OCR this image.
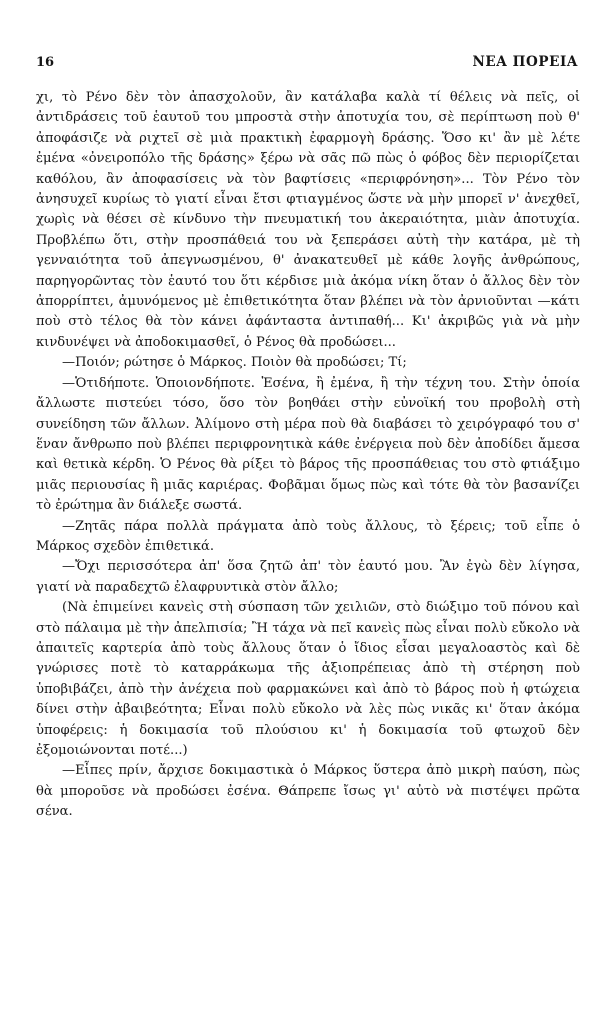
16	ΝΕΑ ΠΟΡΕΙΑ

χι, τὸ Ρένο δὲν τὸν ἀπασχολοῦν, ἂν κατάλαβα καλὰ τί θέλεις νὰ πεῖς, οἱ ἀντιδράσεις τοῦ ἑαυτοῦ του μπροστὰ στὴν ἀποτυχία του, σὲ περίπτωση ποὺ θ' ἀποφάσιζε νὰ ριχτεῖ σὲ μιὰ πρακτικὴ ἐφαρμογὴ δράσης. Ὅσο κι' ἂν μὲ λέτε ἐμένα «ὀνειροπόλο τῆς δράσης» ξέρω νὰ σᾶς πῶ πὼς ὁ φόβος δὲν περιορίζεται καθόλου, ἂν ἀποφασίσεις νὰ τὸν βαφτίσεις «περιφρόνηση»... Τὸν Ρένο τὸν ἀνησυχεῖ κυρίως τὸ γιατί εἶναι ἔτσι φτιαγμένος ὥστε νὰ μὴν μπορεῖ ν' ἀνεχθεῖ, χωρὶς νὰ θέσει σὲ κίνδυνο τὴν πνευματική του ἀκεραιότητα, μιὰν ἀποτυχία. Προβλέπω ὅτι, στὴν προσπάθειά του νὰ ξεπεράσει αὐτὴ τὴν κατάρα, μὲ τὴ γενναιότητα τοῦ ἀπεγνωσμένου, θ' ἀνακατευθεῖ μὲ κάθε λογῆς ἀνθρώπους, παρηγορῶντας τὸν ἑαυτό του ὅτι κέρδισε μιὰ ἀκόμα νίκη ὅταν ὁ ἄλλος δὲν τὸν ἀπορρίπτει, ἀμυνόμενος μὲ ἐπιθετικότητα ὅταν βλέπει νὰ τὸν ἀρνιοῦνται —κάτι ποὺ στὸ τέλος θὰ τὸν κάνει ἀφάνταστα ἀντιπαθή... Κι' ἀκριβῶς γιὰ νὰ μὴν κινδυνέψει νὰ ἀποδοκιμασθεῖ, ὁ Ρένος θὰ προδώσει...

—Ποιόν; ρώτησε ὁ Μάρκος. Ποιὸν θὰ προδώσει; Τί;

—Ὁτιδήποτε. Ὁποιονδήποτε. Ἐσένα, ἢ ἐμένα, ἢ τὴν τέχνη του. Στὴν ὁποία ἄλλωστε πιστεύει τόσο, ὅσο τὸν βοηθάει στὴν εὐνοϊκή του προβολὴ στὴ συνείδηση τῶν ἄλλων. Ἀλίμονο στὴ μέρα ποὺ θὰ διαβάσει τὸ χειρόγραφό του σ' ἕναν ἄνθρωπο ποὺ βλέπει περιφρονητικὰ κάθε ἐνέργεια ποὺ δὲν ἀποδίδει ἄμεσα καὶ θετικὰ κέρδη. Ὁ Ρένος θὰ ρίξει τὸ βάρος τῆς προσπάθειας του στὸ φτιάξιμο μιᾶς περιουσίας ἢ μιᾶς καριέρας. Φοβᾶμαι ὅμως πὼς καὶ τότε θὰ τὸν βασανίζει τὸ ἐρώτημα ἂν διάλεξε σωστά.

—Ζητᾶς πάρα πολλὰ πράγματα ἀπὸ τοὺς ἄλλους, τὸ ξέρεις; τοῦ εἶπε ὁ Μάρκος σχεδὸν ἐπιθετικά.

—Ὄχι περισσότερα ἀπ' ὅσα ζητῶ ἀπ' τὸν ἑαυτό μου. Ἂν ἐγὼ δὲν λίγησα, γιατί νὰ παραδεχτῶ ἐλαφρυντικὰ στὸν ἄλλο;

(Νὰ ἐπιμείνει κανεὶς στὴ σύσπαση τῶν χειλιῶν, στὸ διώξιμο τοῦ πόνου καὶ στὸ πάλαιμα μὲ τὴν ἀπελπισία; Ἢ τάχα νὰ πεῖ κανεὶς πὼς εἶναι πολὺ εὔκολο νὰ ἀπαιτεῖς καρτερία ἀπὸ τοὺς ἄλλους ὅταν ὁ ἴδιος εἶσαι μεγαλοαστὸς καὶ δὲ γνώρισες ποτὲ τὸ καταρράκωμα τῆς ἀξιοπρέπειας ἀπὸ τὴ στέρηση ποὺ ὑποβιβάζει, ἀπὸ τὴν ἀνέχεια ποὺ φαρμακώνει καὶ ἀπὸ τὸ βάρος ποὺ ἡ φτώχεια δίνει στὴν ἀβαιβεότητα; Εἶναι πολὺ εὔκολο νὰ λὲς πὼς νικᾶς κι' ὅταν ἀκόμα ὑποφέρεις: ἡ δοκιμασία τοῦ πλούσιου κι' ἡ δοκιμασία τοῦ φτωχοῦ δὲν ἐξομοιώνονται ποτέ...)

—Εἶπες πρίν, ἄρχισε δοκιμαστικὰ ὁ Μάρκος ὕστερα ἀπὸ μικρὴ παύση, πὼς θὰ μποροῦσε νὰ προδώσει ἐσένα. Θάπρεπε ἴσως γι' αὐτὸ νὰ πιστέψει πρῶτα σένα.
